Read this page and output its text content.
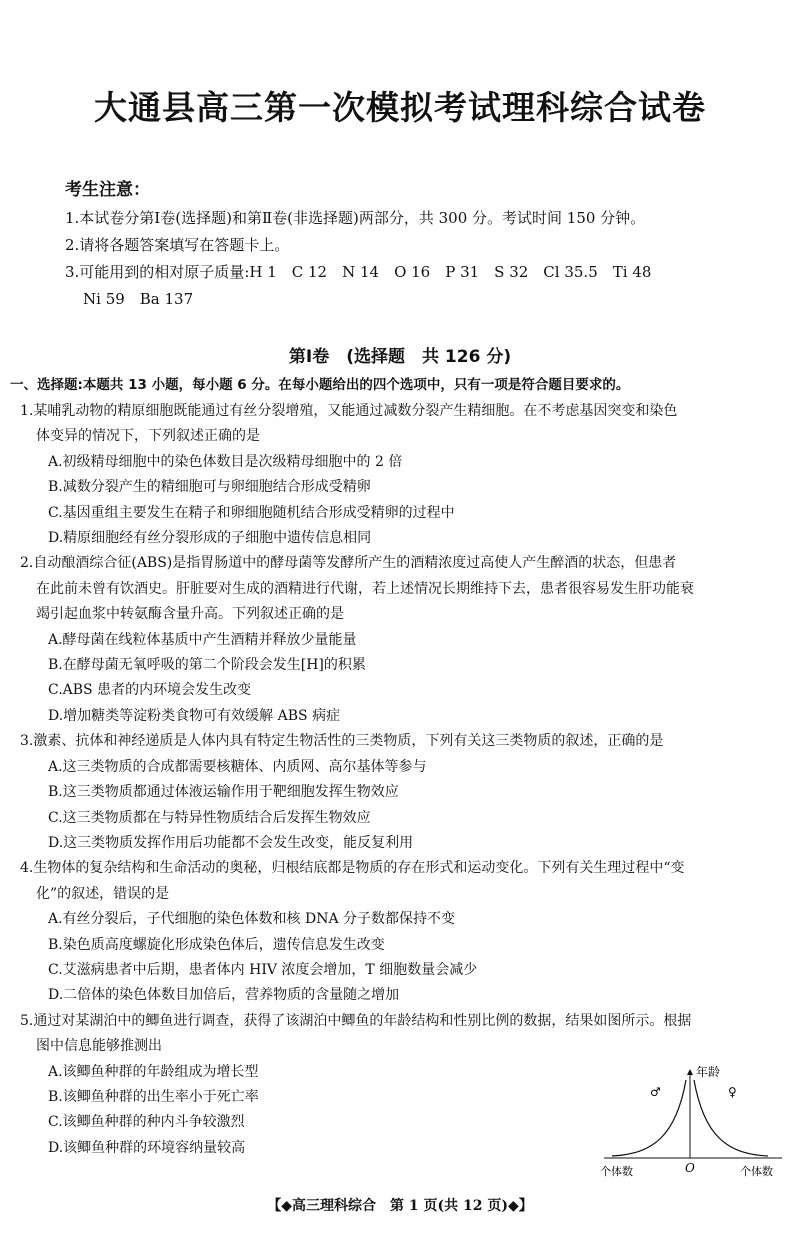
大通县高三第一次模拟考试理科综合试卷
考生注意：
1.本试卷分第Ⅰ卷(选择题)和第Ⅱ卷(非选择题)两部分，共 300 分。考试时间 150 分钟。
2.请将各题答案填写在答题卡上。
3.可能用到的相对原子质量:H 1　C 12　N 14　O 16　P 31　S 32　Cl 35.5　Ti 48
Ni 59　Ba 137
第Ⅰ卷　(选择题　共 126 分)
一、选择题:本题共 13 小题，每小题 6 分。在每小题给出的四个选项中，只有一项是符合题目要求的。
1.某哺乳动物的精原细胞既能通过有丝分裂增殖，又能通过减数分裂产生精细胞。在不考虑基因突变和染色
体变异的情况下，下列叙述正确的是
A.初级精母细胞中的染色体数目是次级精母细胞中的 2 倍
B.减数分裂产生的精细胞可与卵细胞结合形成受精卵
C.基因重组主要发生在精子和卵细胞随机结合形成受精卵的过程中
D.精原细胞经有丝分裂形成的子细胞中遗传信息相同
2.自动酿酒综合征(ABS)是指胃肠道中的酵母菌等发酵所产生的酒精浓度过高使人产生醉酒的状态，但患者
在此前未曾有饮酒史。肝脏要对生成的酒精进行代谢，若上述情况长期维持下去，患者很容易发生肝功能衰
竭引起血浆中转氨酶含量升高。下列叙述正确的是
A.酵母菌在线粒体基质中产生酒精并释放少量能量
B.在酵母菌无氧呼吸的第二个阶段会发生[H]的积累
C.ABS 患者的内环境会发生改变
D.增加糖类等淀粉类食物可有效缓解 ABS 病症
3.激素、抗体和神经递质是人体内具有特定生物活性的三类物质，下列有关这三类物质的叙述，正确的是
A.这三类物质的合成都需要核糖体、内质网、高尔基体等参与
B.这三类物质都通过体液运输作用于靶细胞发挥生物效应
C.这三类物质都在与特异性物质结合后发挥生物效应
D.这三类物质发挥作用后功能都不会发生改变，能反复利用
4.生物体的复杂结构和生命活动的奥秘，归根结底都是物质的存在形式和运动变化。下列有关生理过程中“变
化”的叙述，错误的是
A.有丝分裂后，子代细胞的染色体数和核 DNA 分子数都保持不变
B.染色质高度螺旋化形成染色体后，遗传信息发生改变
C.艾滋病患者中后期，患者体内 HIV 浓度会增加，T 细胞数量会减少
D.二倍体的染色体数目加倍后，营养物质的含量随之增加
5.通过对某湖泊中的鲫鱼进行调查，获得了该湖泊中鲫鱼的年龄结构和性别比例的数据，结果如图所示。根据
图中信息能够推测出
A.该鲫鱼种群的年龄组成为增长型
B.该鲫鱼种群的出生率小于死亡率
C.该鲫鱼种群的种内斗争较激烈
D.该鲫鱼种群的环境容纳量较高
年龄
♂	♀
个体数	个体数
O
【◆高三理科综合　第 1 页(共 12 页)◆】
